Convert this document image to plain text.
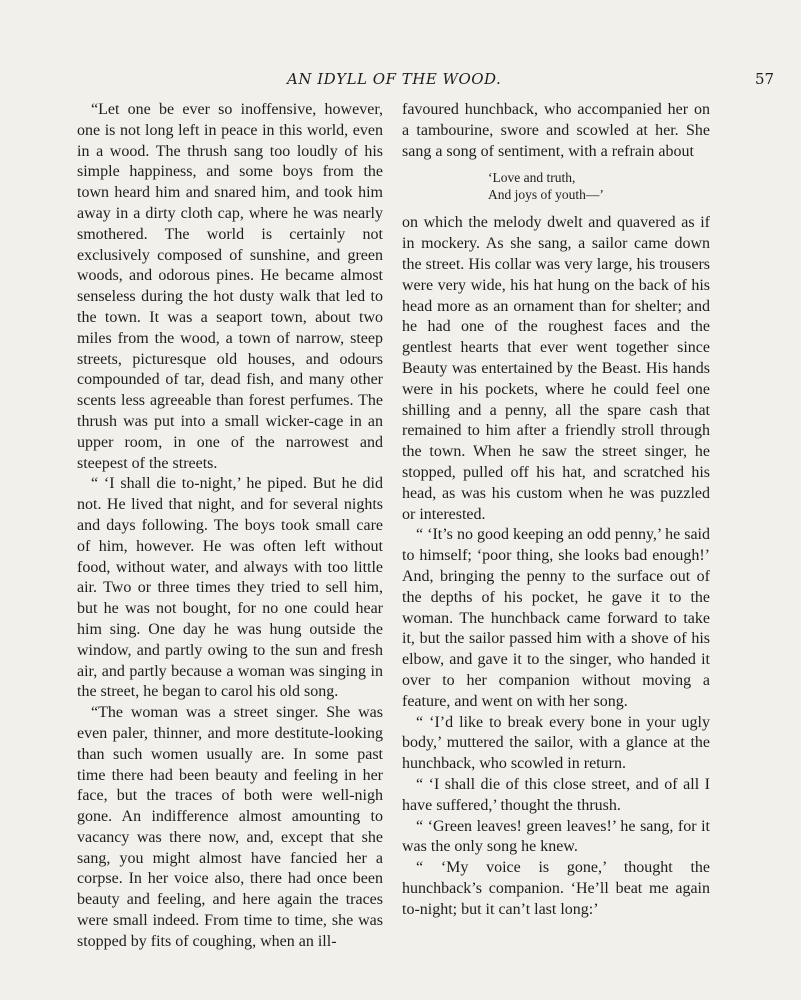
AN IDYLL OF THE WOOD.	57

“Let one be ever so inoffensive, however, one is not long left in peace in this world, even in a wood. The thrush sang too loudly of his simple happiness, and some boys from the town heard him and snared him, and took him away in a dirty cloth cap, where he was nearly smothered. The world is certainly not exclusively composed of sunshine, and green woods, and odorous pines. He became almost senseless during the hot dusty walk that led to the town. It was a seaport town, about two miles from the wood, a town of narrow, steep streets, picturesque old houses, and odours compounded of tar, dead fish, and many other scents less agreeable than forest perfumes. The thrush was put into a small wicker-cage in an upper room, in one of the narrowest and steepest of the streets.

“ ‘I shall die to-night,’ he piped. But he did not. He lived that night, and for several nights and days following. The boys took small care of him, however. He was often left without food, without water, and always with too little air. Two or three times they tried to sell him, but he was not bought, for no one could hear him sing. One day he was hung outside the window, and partly owing to the sun and fresh air, and partly because a woman was singing in the street, he began to carol his old song.

“The woman was a street singer. She was even paler, thinner, and more destitute-looking than such women usually are. In some past time there had been beauty and feeling in her face, but the traces of both were well-nigh gone. An indifference almost amounting to vacancy was there now, and, except that she sang, you might almost have fancied her a corpse. In her voice also, there had once been beauty and feeling, and here again the traces were small indeed. From time to time, she was stopped by fits of coughing, when an ill-

favoured hunchback, who accompanied her on a tambourine, swore and scowled at her. She sang a song of sentiment, with a refrain about

‘Love and truth,
And joys of youth—’

on which the melody dwelt and quavered as if in mockery. As she sang, a sailor came down the street. His collar was very large, his trousers were very wide, his hat hung on the back of his head more as an ornament than for shelter; and he had one of the roughest faces and the gentlest hearts that ever went together since Beauty was entertained by the Beast. His hands were in his pockets, where he could feel one shilling and a penny, all the spare cash that remained to him after a friendly stroll through the town. When he saw the street singer, he stopped, pulled off his hat, and scratched his head, as was his custom when he was puzzled or interested.

“ ‘It’s no good keeping an odd penny,’ he said to himself; ‘poor thing, she looks bad enough!’ And, bringing the penny to the surface out of the depths of his pocket, he gave it to the woman. The hunchback came forward to take it, but the sailor passed him with a shove of his elbow, and gave it to the singer, who handed it over to her companion without moving a feature, and went on with her song.

“ ‘I’d like to break every bone in your ugly body,’ muttered the sailor, with a glance at the hunchback, who scowled in return.

“ ‘I shall die of this close street, and of all I have suffered,’ thought the thrush.

“ ‘Green leaves! green leaves!’ he sang, for it was the only song he knew.

“ ‘My voice is gone,’ thought the hunchback’s companion. ‘He’ll beat me again to-night; but it can’t last long:’
